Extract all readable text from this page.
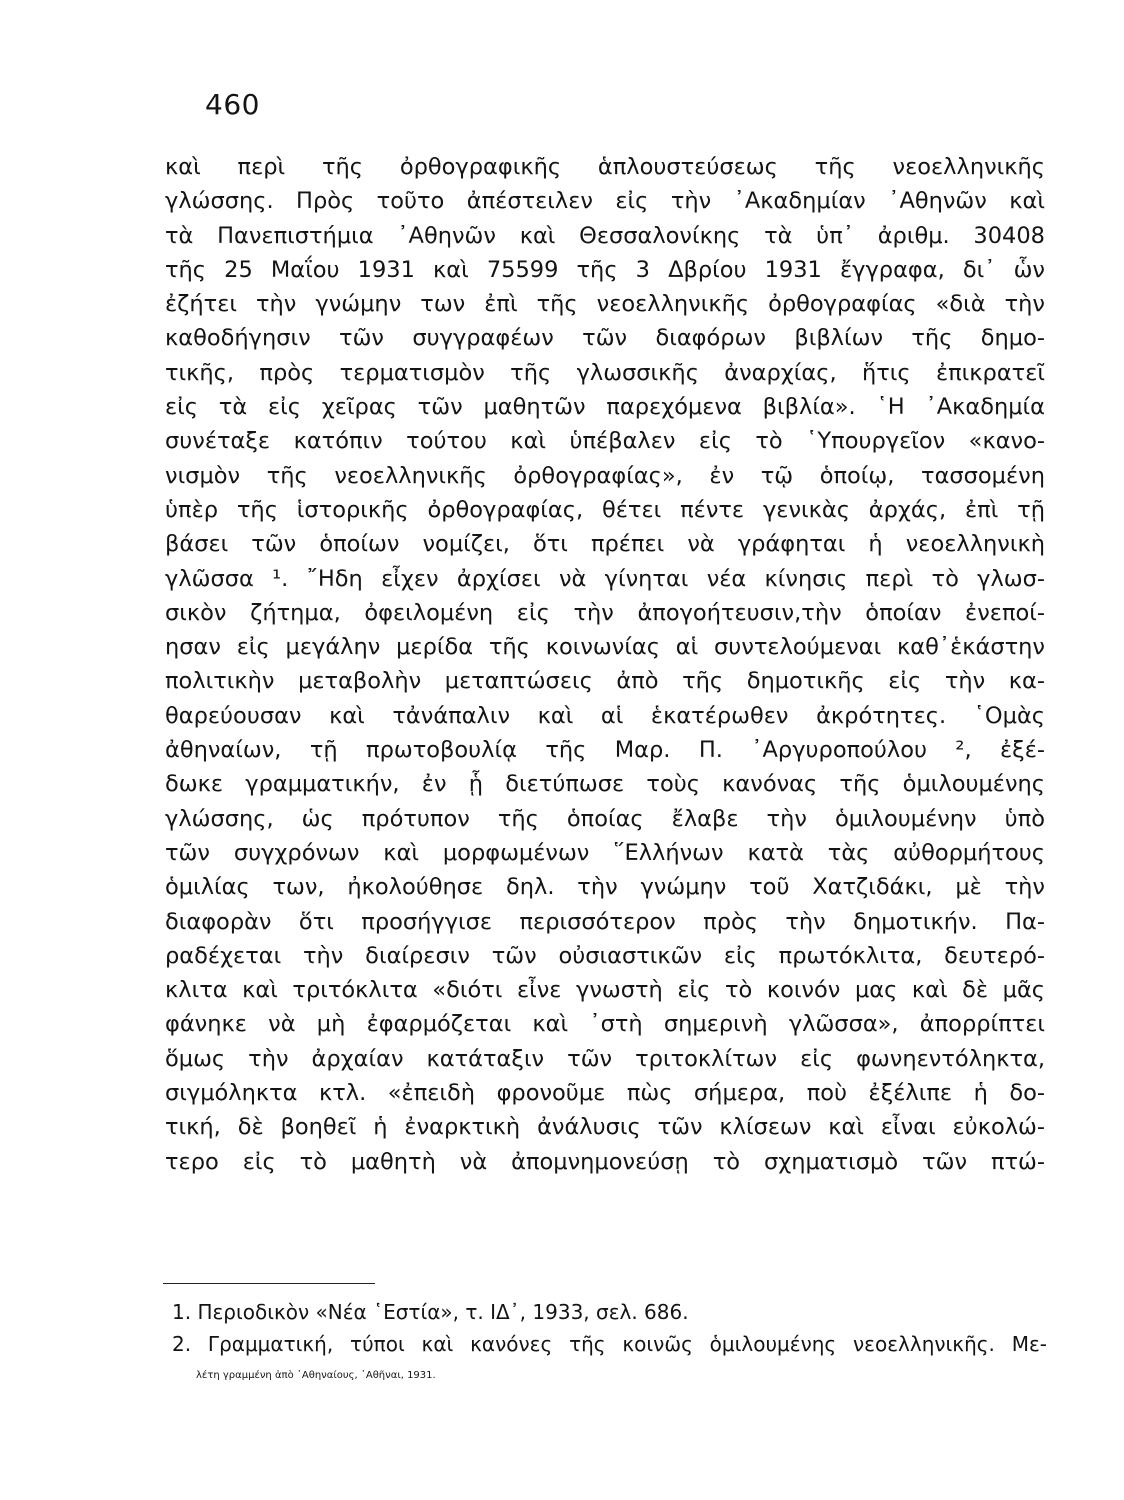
460
καὶ περὶ τῆς ὀρθογραφικῆς ἁπλουστεύσεως τῆς νεοελληνικῆς
γλώσσης. Πρὸς τοῦτο ἀπέστειλεν εἰς τὴν ᾽Ακαδημίαν ᾽Αθηνῶν καὶ
τὰ Πανεπιστήμια ᾽Αθηνῶν καὶ Θεσσαλονίκης τὰ ὑπ᾽ ἀριθμ. 30408
τῆς 25 Μαΐου 1931 καὶ 75599 τῆς 3 Δβρίου 1931 ἔγγραφα, δι᾽ ὧν
ἐζήτει τὴν γνώμην των ἐπὶ τῆς νεοελληνικῆς ὀρθογραφίας «διὰ τὴν
καθοδήγησιν τῶν συγγραφέων τῶν διαφόρων βιβλίων τῆς δημο-
τικῆς, πρὸς τερματισμὸν τῆς γλωσσικῆς ἀναρχίας, ἥτις ἐπικρατεῖ
εἰς τὰ εἰς χεῖρας τῶν μαθητῶν παρεχόμενα βιβλία». ῾Η ᾽Ακαδημία
συνέταξε κατόπιν τούτου καὶ ὑπέβαλεν εἰς τὸ ῾Υπουργεῖον «κανο-
νισμὸν τῆς νεοελληνικῆς ὀρθογραφίας», ἐν τῷ ὁποίῳ, τασσομένη
ὑπὲρ τῆς ἱστορικῆς ὀρθογραφίας, θέτει πέντε γενικὰς ἀρχάς, ἐπὶ τῇ
βάσει τῶν ὁποίων νομίζει, ὅτι πρέπει νὰ γράφηται ἡ νεοελληνικὴ
γλῶσσα ¹. ῎Ηδη εἶχεν ἀρχίσει νὰ γίνηται νέα κίνησις περὶ τὸ γλωσ-
σικὸν ζήτημα, ὀφειλομένη εἰς τὴν ἀπογοήτευσιν,τὴν ὁποίαν ἐνεποί-
ησαν εἰς μεγάλην μερίδα τῆς κοινωνίας αἱ συντελούμεναι καθ᾽ἑκάστην
πολιτικὴν μεταβολὴν μεταπτώσεις ἀπὸ τῆς δημοτικῆς εἰς τὴν κα-
θαρεύουσαν καὶ τἀνάπαλιν καὶ αἱ ἑκατέρωθεν ἀκρότητες. ῾Ομὰς
ἀθηναίων, τῇ πρωτοβουλίᾳ τῆς Μαρ. Π. ᾽Αργυροπούλου ², ἐξέ-
δωκε γραμματικήν, ἐν ᾗ διετύπωσε τοὺς κανόνας τῆς ὁμιλουμένης
γλώσσης, ὡς πρότυπον τῆς ὁποίας ἔλαβε τὴν ὁμιλουμένην ὑπὸ
τῶν συγχρόνων καὶ μορφωμένων ῞Ελλήνων κατὰ τὰς αὐθορμήτους
ὁμιλίας των, ἠκολούθησε δηλ. τὴν γνώμην τοῦ Χατζιδάκι, μὲ τὴν
διαφορὰν ὅτι προσήγγισε περισσότερον πρὸς τὴν δημοτικήν. Πα-
ραδέχεται τὴν διαίρεσιν τῶν οὐσιαστικῶν εἰς πρωτόκλιτα, δευτερό-
κλιτα καὶ τριτόκλιτα «διότι εἶνε γνωστὴ εἰς τὸ κοινόν μας καὶ δὲ μᾶς
φάνηκε νὰ μὴ ἐφαρμόζεται καὶ ᾽στὴ σημερινὴ γλῶσσα», ἀπορρίπτει
ὅμως τὴν ἀρχαίαν κατάταξιν τῶν τριτοκλίτων εἰς φωνηεντόληκτα,
σιγμόληκτα κτλ. «ἐπειδὴ φρονοῦμε πὼς σήμερα, ποὺ ἐξέλιπε ἡ δο-
τική, δὲ βοηθεῖ ἡ ἐναρκτικὴ ἀνάλυσις τῶν κλίσεων καὶ εἶναι εὐκολώ-
τερο εἰς τὸ μαθητὴ νὰ ἀπομνημονεύσῃ τὸ σχηματισμὸ τῶν πτώ-
1. Περιοδικὸν «Νέα ῾Εστία», τ. ΙΔ᾽, 1933, σελ. 686.
2. Γραμματική, τύποι καὶ κανόνες τῆς κοινῶς ὁμιλουμένης νεοελληνικῆς. Με-
λέτη γραμμένη ἀπὸ ᾽Αθηναίους, ᾽Αθῆναι, 1931.
